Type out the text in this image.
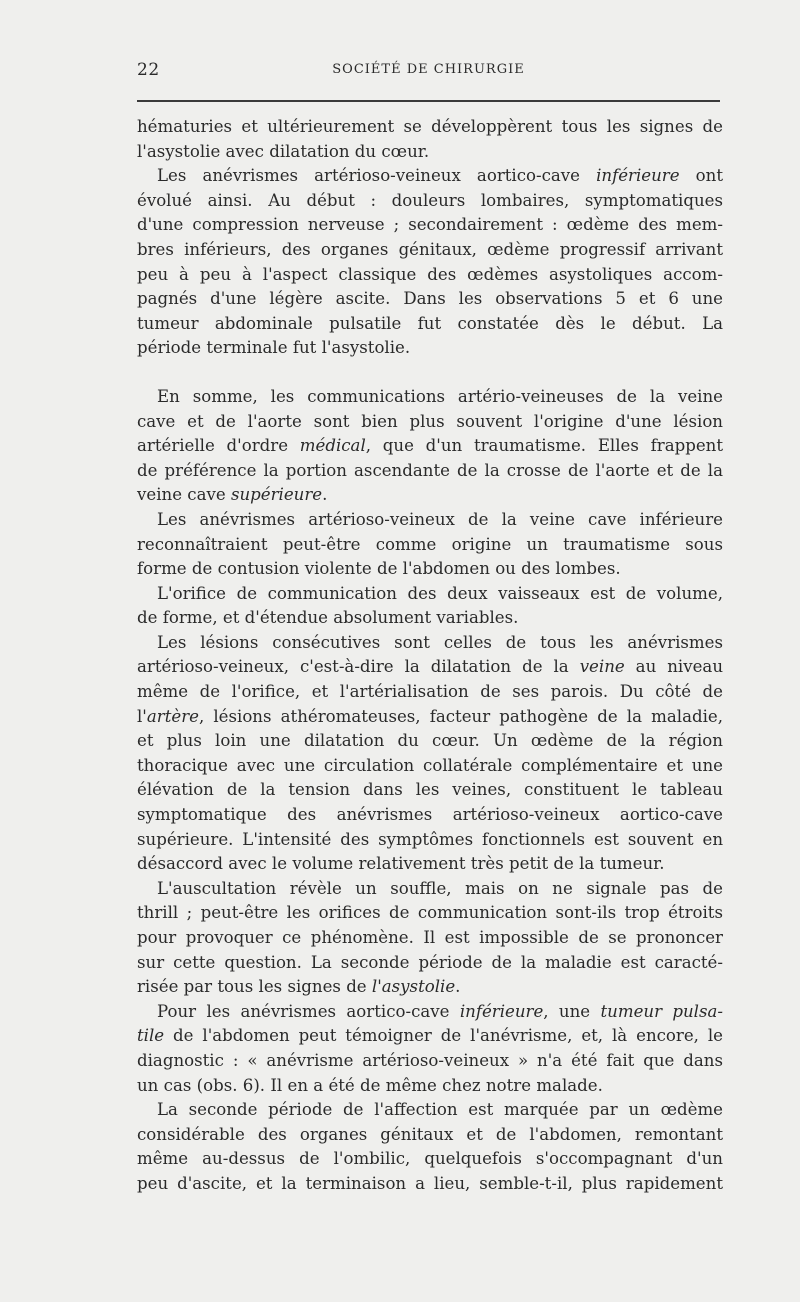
22	SOCIÉTÉ DE CHIRURGIE
hématuries et ultérieurement se développèrent tous les signes de
l'asystolie avec dilatation du cœur.
Les anévrismes artérioso-veineux aortico-cave inférieure ont
évolué ainsi. Au début : douleurs lombaires, symptomatiques
d'une compression nerveuse ; secondairement : œdème des mem-
bres inférieurs, des organes génitaux, œdème progressif arrivant
peu à peu à l'aspect classique des œdèmes asystoliques accom-
pagnés d'une légère ascite. Dans les observations 5 et 6 une
tumeur abdominale pulsatile fut constatée dès le début. La
période terminale fut l'asystolie.
En somme, les communications artério-veineuses de la veine
cave et de l'aorte sont bien plus souvent l'origine d'une lésion
artérielle d'ordre médical, que d'un traumatisme. Elles frappent
de préférence la portion ascendante de la crosse de l'aorte et de la
veine cave supérieure.
Les anévrismes artérioso-veineux de la veine cave inférieure
reconnaîtraient peut-être comme origine un traumatisme sous
forme de contusion violente de l'abdomen ou des lombes.
L'orifice de communication des deux vaisseaux est de volume,
de forme, et d'étendue absolument variables.
Les lésions consécutives sont celles de tous les anévrismes
artérioso-veineux, c'est-à-dire la dilatation de la veine au niveau
même de l'orifice, et l'artérialisation de ses parois. Du côté de
l'artère, lésions athéromateuses, facteur pathogène de la maladie,
et plus loin une dilatation du cœur. Un œdème de la région
thoracique avec une circulation collatérale complémentaire et une
élévation de la tension dans les veines, constituent le tableau
symptomatique des anévrismes artérioso-veineux aortico-cave
supérieure. L'intensité des symptômes fonctionnels est souvent en
désaccord avec le volume relativement très petit de la tumeur.
L'auscultation révèle un souffle, mais on ne signale pas de
thrill ; peut-être les orifices de communication sont-ils trop étroits
pour provoquer ce phénomène. Il est impossible de se prononcer
sur cette question. La seconde période de la maladie est caracté-
risée par tous les signes de l'asystolie.
Pour les anévrismes aortico-cave inférieure, une tumeur pulsa-
tile de l'abdomen peut témoigner de l'anévrisme, et, là encore, le
diagnostic : « anévrisme artérioso-veineux » n'a été fait que dans
un cas (obs. 6). Il en a été de même chez notre malade.
La seconde période de l'affection est marquée par un œdème
considérable des organes génitaux et de l'abdomen, remontant
même au-dessus de l'ombilic, quelquefois s'occompagnant d'un
peu d'ascite, et la terminaison a lieu, semble-t-il, plus rapidement
